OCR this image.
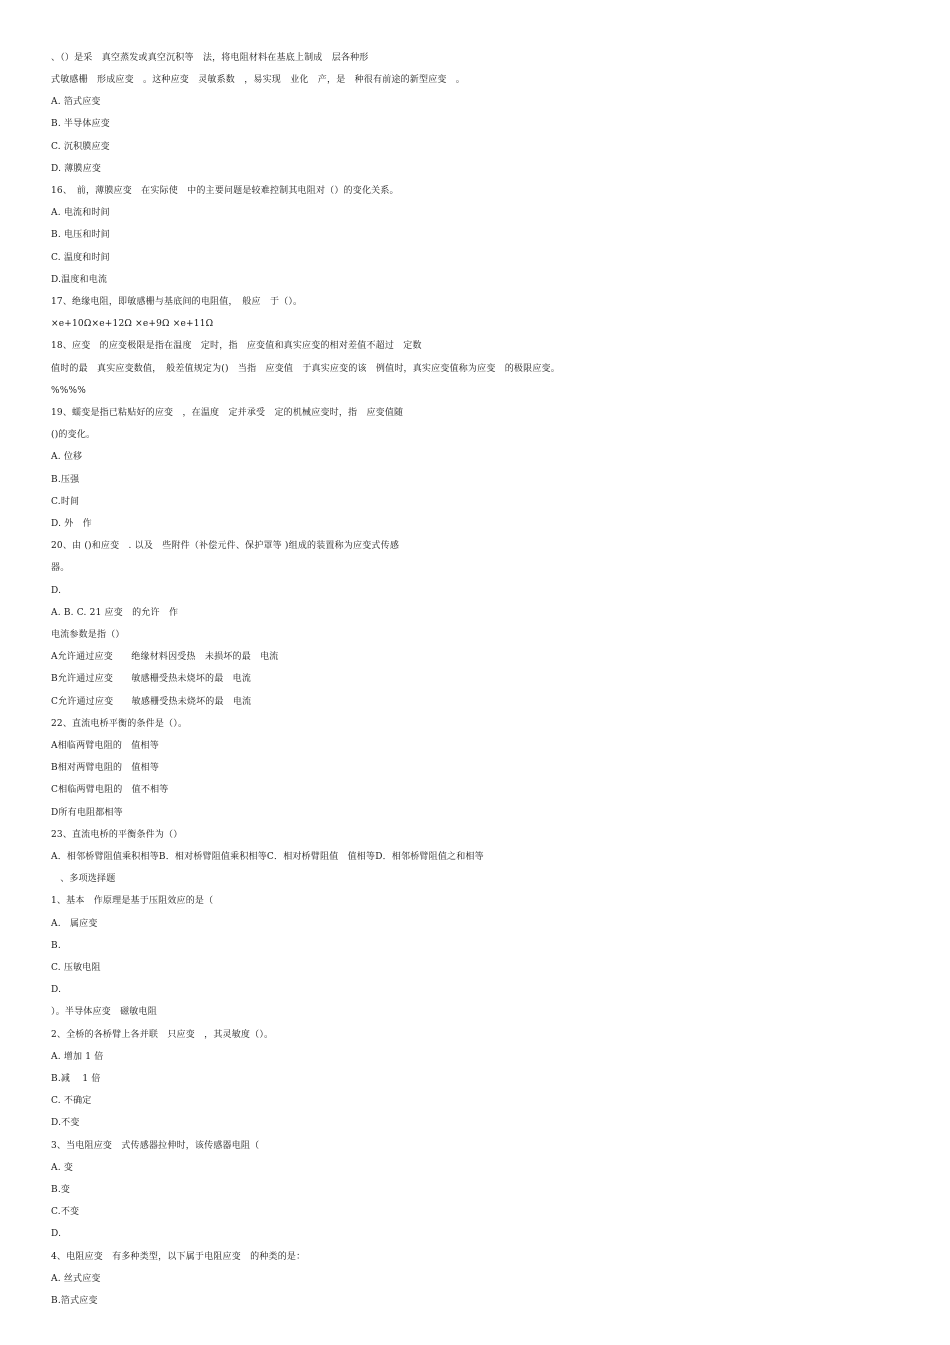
、（）是采　真空蒸发或真空沉积等　法，将电阻材料在基底上制成　层各种形

式敏感栅　形成应变　。这种应变　灵敏系数　，易实现　业化　产，是　种很有前途的新型应变　。

A. 箔式应变

B. 半导体应变

C. 沉积膜应变

D. 薄膜应变

16、　前，薄膜应变　在实际使　中的主要问题是较难控制其电阻对（）的变化关系。

A. 电流和时间

B. 电压和时间

C. 温度和时间

D.温度和电流

17、绝缘电阻，即敏感栅与基底间的电阻值，　般应　于（）。

×e+10Ω×e+12Ω ×e+9Ω ×e+11Ω

18、应变　的应变极限是指在温度　定时，指　应变值和真实应变的相对差值不超过　定数

值时的最　真实应变数值，　般差值规定为()　当指　应变值　于真实应变的该　例值时，真实应变值称为应变　的极限应变。

%%%%

19、蠕变是指已粘贴好的应变　，在温度　定并承受　定的机械应变时，指　应变值随

()的变化。

A. 位移

B.压强

C.时间

D. 外　作

20、由 ()和应变　. 以及　些附件（补偿元件、保护罩等 )组成的装置称为应变式传感

器。

D.

A. B. C. 21 应变　的允许　作

电流参数是指（）

A允许通过应变　　绝缘材料因受热　未损坏的最　电流

B允许通过应变　　敏感栅受热未烧坏的最　电流

C允许通过应变　　敏感栅受热未烧坏的最　电流

22、直流电桥平衡的条件是（）。

A相临两臂电阻的　值相等

B相对两臂电阻的　值相等

C相临两臂电阻的　值不相等

D所有电阻都相等

23、直流电桥的平衡条件为（）

A．相邻桥臂阻值乘积相等B．相对桥臂阻值乘积相等C．相对桥臂阻值　值相等D．相邻桥臂阻值之和相等

　、多项选择题

1、基本　作原理是基于压阻效应的是（

A.　属应变

B.

C. 压敏电阻

D.

）。半导体应变　磁敏电阻

2、全桥的各桥臂上各并联　只应变　，其灵敏度（）。

A. 增加 1 倍

B.减　 1 倍

C. 不确定

D.不变

3、当电阻应变　式传感器拉伸时，该传感器电阻（

A. 变

B.变

C.不变

D.

4、电阻应变　有多种类型，以下属于电阻应变　的种类的是：

A. 丝式应变

B.箔式应变
